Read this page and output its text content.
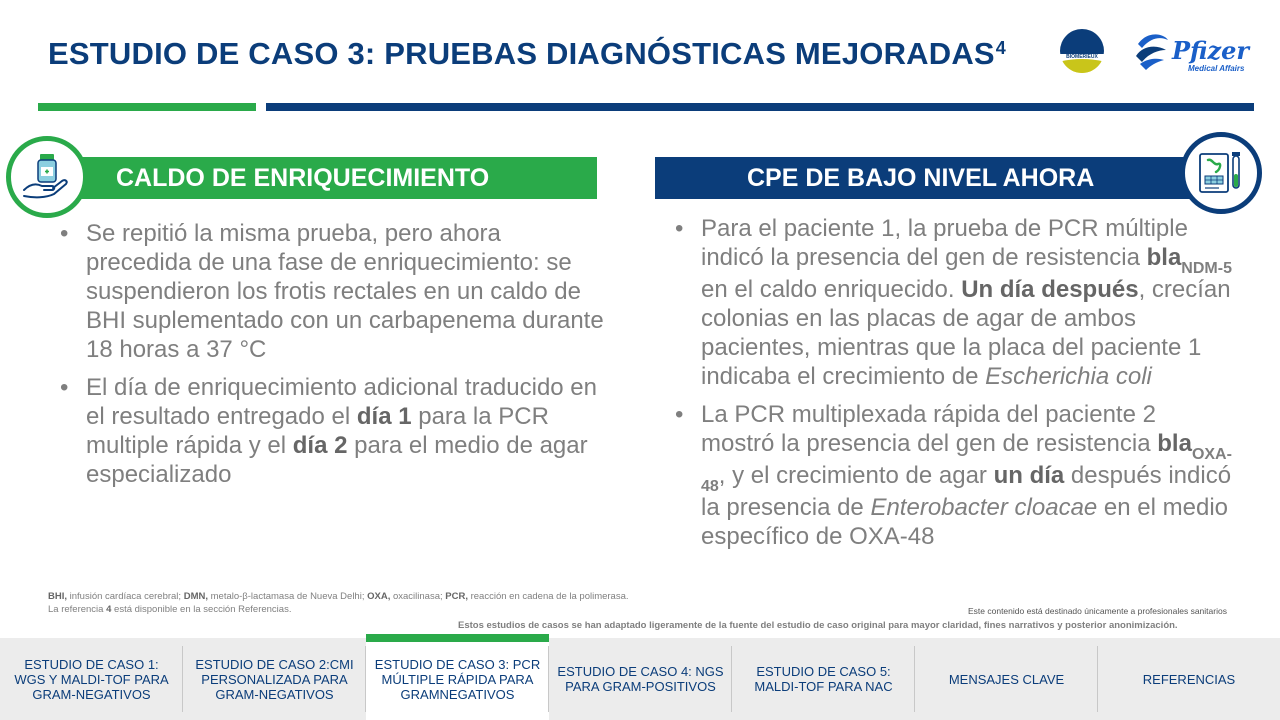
ESTUDIO DE CASO 3: PRUEBAS DIAGNÓSTICAS MEJORADAS$^4$	BIOMÉRIEUX	Pfizer
Medical Affairs
CALDO DE ENRIQUECIMIENTO
• Se repitió la misma prueba, pero ahora precedida de una fase de enriquecimiento: se suspendieron los frotis rectales en un caldo de BHI suplementado con un carbapenema durante 18 horas a 37 °C
• El día de enriquecimiento adicional traducido en el resultado entregado el día 1 para la PCR multiple rápida y el día 2 para el medio de agar especializado
CPE DE BAJO NIVEL AHORA
• Para el paciente 1, la prueba de PCR múltiple indicó la presencia del gen de resistencia bla$_{NDM-5}$ en el caldo enriquecido. Un día después, crecían colonias en las placas de agar de ambos pacientes, mientras que la placa del paciente 1 indicaba el crecimiento de Escherichia coli
• La PCR multiplexada rápida del paciente 2 mostró la presencia del gen de resistencia bla$_{OXA-48}$, y el crecimiento de agar un día después indicó la presencia de Enterobacter cloacae en el medio específico de OXA-48
BHI, infusión cardíaca cerebral; DMN, metalo-β-lactamasa de Nueva Delhi; OXA, oxacilinasa; PCR, reacción en cadena de la polimerasa.
La referencia 4 está disponible en la sección Referencias.	Este contenido está destinado únicamente a profesionales sanitarios
Estos estudios de casos se han adaptado ligeramente de la fuente del estudio de caso original para mayor claridad, fines narrativos y posterior anonimización.
ESTUDIO DE CASO 1: WGS Y MALDI-TOF PARA GRAM-NEGATIVOS
ESTUDIO DE CASO 2:CMI PERSONALIZADA PARA GRAM-NEGATIVOS
ESTUDIO DE CASO 3: PCR MÚLTIPLE RÁPIDA PARA GRAMNEGATIVOS
ESTUDIO DE CASO 4: NGS PARA GRAM-POSITIVOS
ESTUDIO DE CASO 5: MALDI-TOF PARA NAC	MENSAJES CLAVE	REFERENCIAS
